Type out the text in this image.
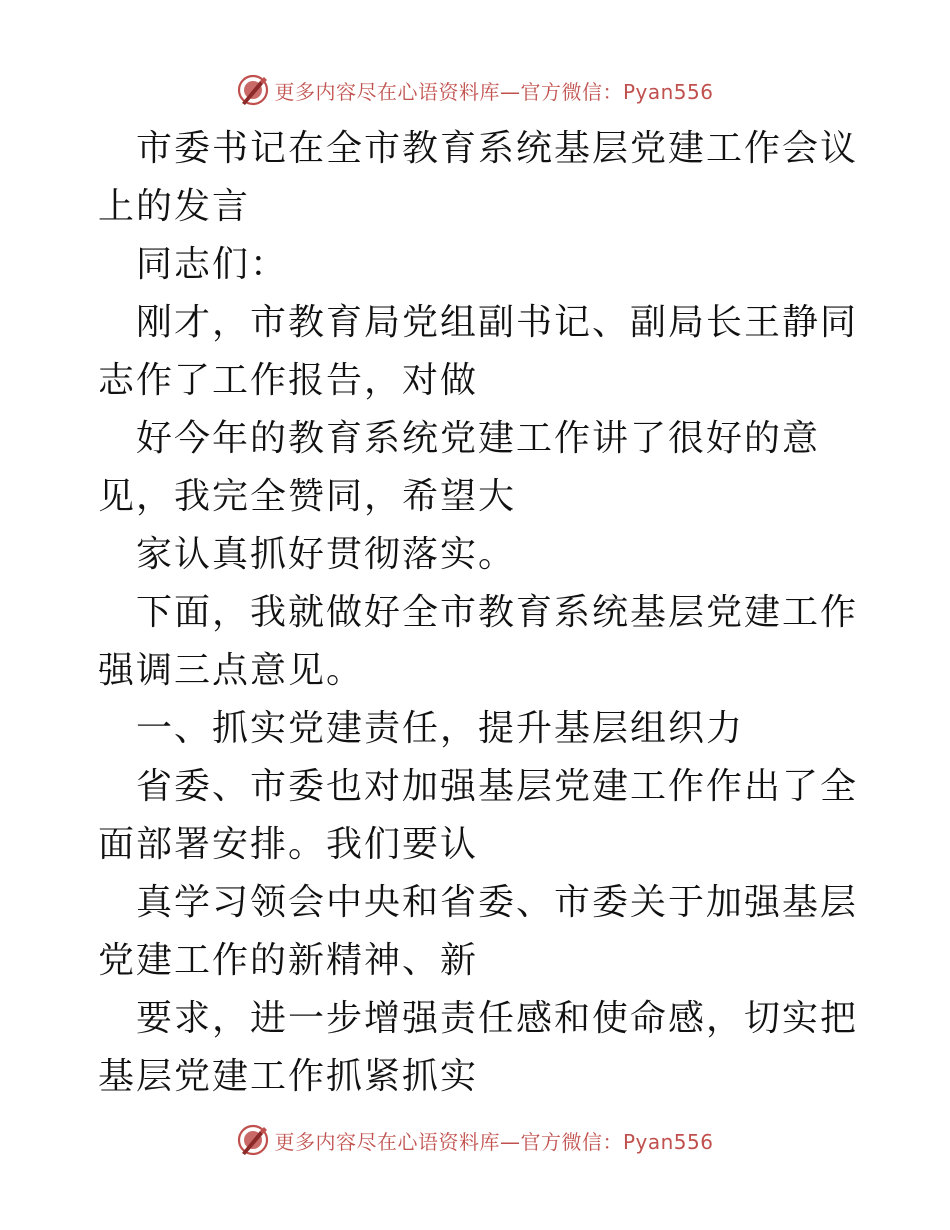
更多内容尽在心语资料库—官方微信：Pyan556

市委书记在全市教育系统基层党建工作会议上的发言

同志们：

刚才，市教育局党组副书记、副局长王静同志作了工作报告，对做

好今年的教育系统党建工作讲了很好的意见，我完全赞同，希望大

家认真抓好贯彻落实。

下面，我就做好全市教育系统基层党建工作强调三点意见。

一、抓实党建责任，提升基层组织力

省委、市委也对加强基层党建工作作出了全面部署安排。我们要认

真学习领会中央和省委、市委关于加强基层党建工作的新精神、新

要求，进一步增强责任感和使命感，切实把基层党建工作抓紧抓实

更多内容尽在心语资料库—官方微信：Pyan556
